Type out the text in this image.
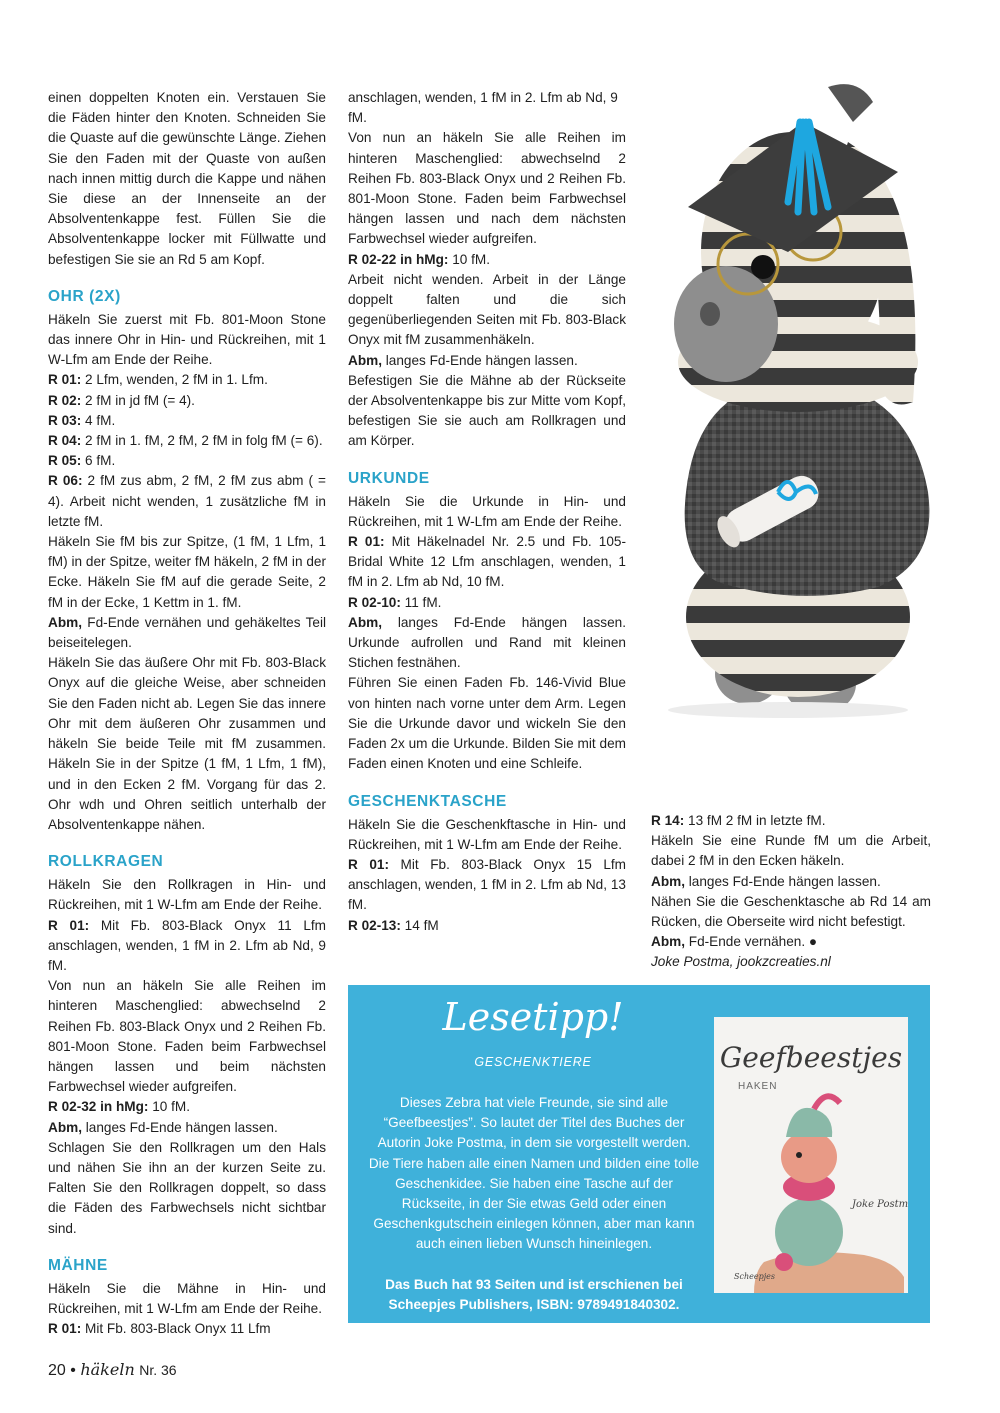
einen doppelten Knoten ein. Verstauen Sie die Fäden hinter den Knoten. Schneiden Sie die Quaste auf die gewünschte Länge. Ziehen Sie den Faden mit der Quaste von außen nach innen mittig durch die Kappe und nähen Sie diese an der Innenseite an der Absolventenkappe fest. Füllen Sie die Absolventenkappe locker mit Füllwatte und befestigen Sie sie an Rd 5 am Kopf.

OHR (2X)

Häkeln Sie zuerst mit Fb. 801-Moon Stone das innere Ohr in Hin- und Rückreihen, mit 1 W-Lfm am Ende der Reihe.

R 01: 2 Lfm, wenden, 2 fM in 1. Lfm.

R 02: 2 fM in jd fM (= 4).

R 03: 4 fM.

R 04: 2 fM in 1. fM, 2 fM, 2 fM in folg fM (= 6).

R 05: 6 fM.

R 06: 2 fM zus abm, 2 fM, 2 fM zus abm ( = 4). Arbeit nicht wenden, 1 zusätzliche fM in letzte fM.

Häkeln Sie fM bis zur Spitze, (1 fM, 1 Lfm, 1 fM) in der Spitze, weiter fM häkeln, 2 fM in der Ecke. Häkeln Sie fM auf die gerade Seite, 2 fM in der Ecke, 1 Kettm in 1. fM.

Abm, Fd-Ende vernähen und gehäkeltes Teil beiseitelegen.

Häkeln Sie das äußere Ohr mit Fb. 803-Black Onyx auf die gleiche Weise, aber schneiden Sie den Faden nicht ab. Legen Sie das innere Ohr mit dem äußeren Ohr zusammen und häkeln Sie beide Teile mit fM zusammen. Häkeln Sie in der Spitze (1 fM, 1 Lfm, 1 fM), und in den Ecken 2 fM. Vorgang für das 2. Ohr wdh und Ohren seitlich unterhalb der Absolventenkappe nähen.

ROLLKRAGEN

Häkeln Sie den Rollkragen in Hin- und Rückreihen, mit 1 W-Lfm am Ende der Reihe.

R 01: Mit Fb. 803-Black Onyx 11 Lfm anschlagen, wenden, 1 fM in 2. Lfm ab Nd, 9 fM.

Von nun an häkeln Sie alle Reihen im hinteren Maschenglied: abwechselnd 2 Reihen Fb. 803-Black Onyx und 2 Reihen Fb. 801-Moon Stone. Faden beim Farbwechsel hängen lassen und beim nächsten Farbwechsel wieder aufgreifen.

R 02-32 in hMg: 10 fM.

Abm, langes Fd-Ende hängen lassen.

Schlagen Sie den Rollkragen um den Hals und nähen Sie ihn an der kurzen Seite zu. Falten Sie den Rollkragen doppelt, so dass die Fäden des Farbwechsels nicht sichtbar sind.

MÄHNE

Häkeln Sie die Mähne in Hin- und Rückreihen, mit 1 W-Lfm am Ende der Reihe.

R 01: Mit Fb. 803-Black Onyx 11 Lfm

anschlagen, wenden, 1 fM in 2. Lfm ab Nd, 9 fM.

Von nun an häkeln Sie alle Reihen im hinteren Maschenglied: abwechselnd 2 Reihen Fb. 803-Black Onyx und 2 Reihen Fb. 801-Moon Stone. Faden beim Farbwechsel hängen lassen und nach dem nächsten Farbwechsel wieder aufgreifen.

R 02-22 in hMg: 10 fM.

Arbeit nicht wenden. Arbeit in der Länge doppelt falten und die sich gegenüberliegenden Seiten mit Fb. 803-Black Onyx mit fM zusammenhäkeln.

Abm, langes Fd-Ende hängen lassen.

Befestigen Sie die Mähne ab der Rückseite der Absolventenkappe bis zur Mitte vom Kopf, befestigen Sie sie auch am Rollkragen und am Körper.

URKUNDE

Häkeln Sie die Urkunde in Hin- und Rückreihen, mit 1 W-Lfm am Ende der Reihe.

R 01: Mit Häkelnadel Nr. 2.5 und Fb. 105-Bridal White 12 Lfm anschlagen, wenden, 1 fM in 2. Lfm ab Nd, 10 fM.

R 02-10: 11 fM.

Abm, langes Fd-Ende hängen lassen. Urkunde aufrollen und Rand mit kleinen Stichen festnähen.

Führen Sie einen Faden Fb. 146-Vivid Blue von hinten nach vorne unter dem Arm. Legen Sie die Urkunde davor und wickeln Sie den Faden 2x um die Urkunde. Bilden Sie mit dem Faden einen Knoten und eine Schleife.

GESCHENKTASCHE

Häkeln Sie die Geschenkftasche in Hin- und Rückreihen, mit 1 W-Lfm am Ende der Reihe.

R 01: Mit Fb. 803-Black Onyx 15 Lfm anschlagen, wenden, 1 fM in 2. Lfm ab Nd, 13 fM.

R 02-13: 14 fM

R 14: 13 fM 2 fM in letzte fM.

Häkeln Sie eine Runde fM um die Arbeit, dabei 2 fM in den Ecken häkeln.

Abm, langes Fd-Ende hängen lassen.

Nähen Sie die Geschenktasche ab Rd 14 am Rücken, die Oberseite wird nicht befestigt.

Abm, Fd-Ende vernähen. ●

Joke Postma, jookzcreaties.nl

Lesetipp!
GESCHENKTIERE
Dieses Zebra hat viele Freunde, sie sind alle “Geefbeestjes”. So lautet der Titel des Buches der Autorin Joke Postma, in dem sie vorgestellt werden. Die Tiere haben alle einen Namen und bilden eine tolle Geschenkidee. Sie haben eine Tasche auf der Rückseite, in der Sie etwas Geld oder einen Geschenkgutschein einlegen können, aber man kann auch einen lieben Wunsch hineinlegen.
Das Buch hat 93 Seiten und ist erschienen bei Scheepjes Publishers, ISBN: 9789491840302.
Geefbeestjes
HAKEN
Joke Postma
Scheepjes
20 • häkeln Nr. 36
